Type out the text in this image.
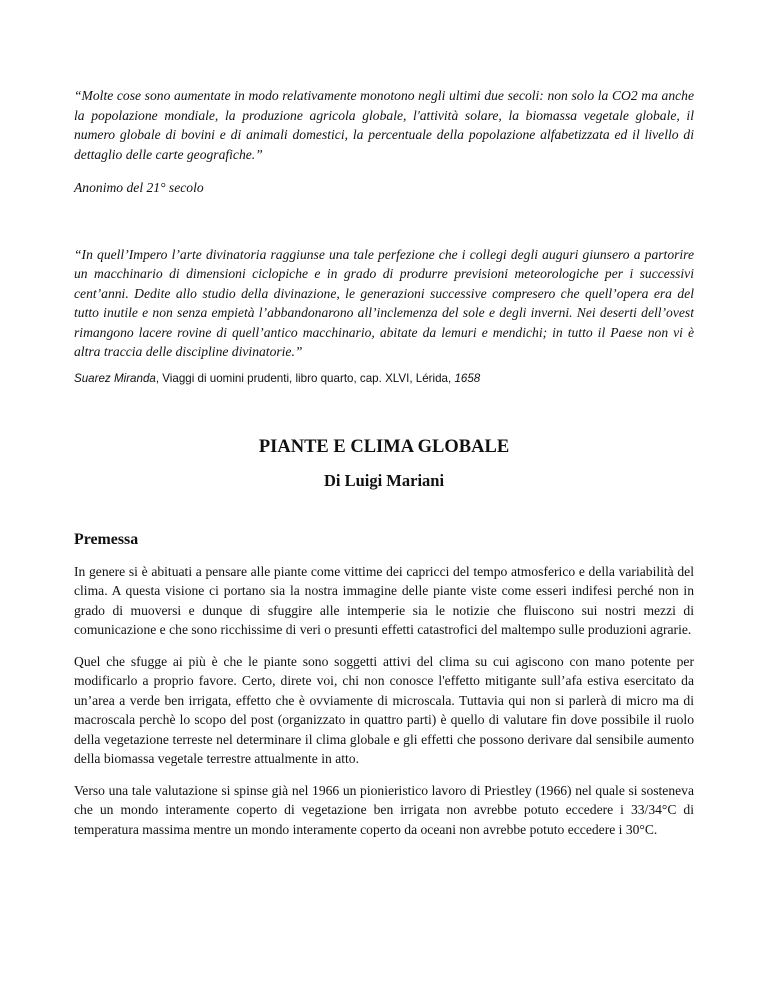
“Molte cose sono aumentate in modo relativamente monotono negli ultimi due secoli: non solo la CO2 ma anche la popolazione mondiale, la produzione agricola globale, l'attività solare, la biomassa vegetale globale, il numero globale di bovini e di animali domestici, la percentuale della popolazione alfabetizzata ed il livello di dettaglio delle carte geografiche.”

Anonimo del 21° secolo

“In quell’Impero l’arte divinatoria raggiunse una tale perfezione che i collegi degli auguri giunsero a partorire un macchinario di dimensioni ciclopiche e in grado di produrre previsioni meteorologiche per i successivi cent’anni. Dedite allo studio della divinazione, le generazioni successive compresero che quell’opera era del tutto inutile e non senza empietà l’abbandonarono all’inclemenza del sole e degli inverni. Nei deserti dell’ovest rimangono lacere rovine di quell’antico macchinario, abitate da lemuri e mendichi; in tutto il Paese non vi è altra traccia delle discipline divinatorie.”

Suarez Miranda, Viaggi di uomini prudenti, libro quarto, cap. XLVI, Lérida, 1658

PIANTE E CLIMA GLOBALE
Di Luigi Mariani
Premessa

In genere si è abituati a pensare alle piante come vittime dei capricci del tempo atmosferico e della variabilità del clima. A questa visione ci portano sia la nostra immagine delle piante viste come esseri indifesi perché non in grado di muoversi e dunque di sfuggire alle intemperie sia le notizie che fluiscono sui nostri mezzi di comunicazione e che sono ricchissime di veri o presunti effetti catastrofici del maltempo sulle produzioni agrarie.

Quel che sfugge ai più è che le piante sono soggetti attivi del clima su cui agiscono con mano potente per modificarlo a proprio favore. Certo, direte voi, chi non conosce l'effetto mitigante sull’afa estiva esercitato da un’area a verde ben irrigata, effetto che è ovviamente di microscala. Tuttavia qui non si parlerà di micro ma di macroscala perchè lo scopo del post (organizzato in quattro parti) è quello di valutare fin dove possibile il ruolo della vegetazione terreste nel determinare il clima globale e gli effetti che possono derivare dal sensibile aumento della biomassa vegetale terrestre attualmente in atto.

Verso una tale valutazione si spinse già nel 1966 un pionieristico lavoro di Priestley (1966) nel quale si sosteneva che un mondo interamente coperto di vegetazione ben irrigata non avrebbe potuto eccedere i 33/34°C di temperatura massima mentre un mondo interamente coperto da oceani non avrebbe potuto eccedere i 30°C.
